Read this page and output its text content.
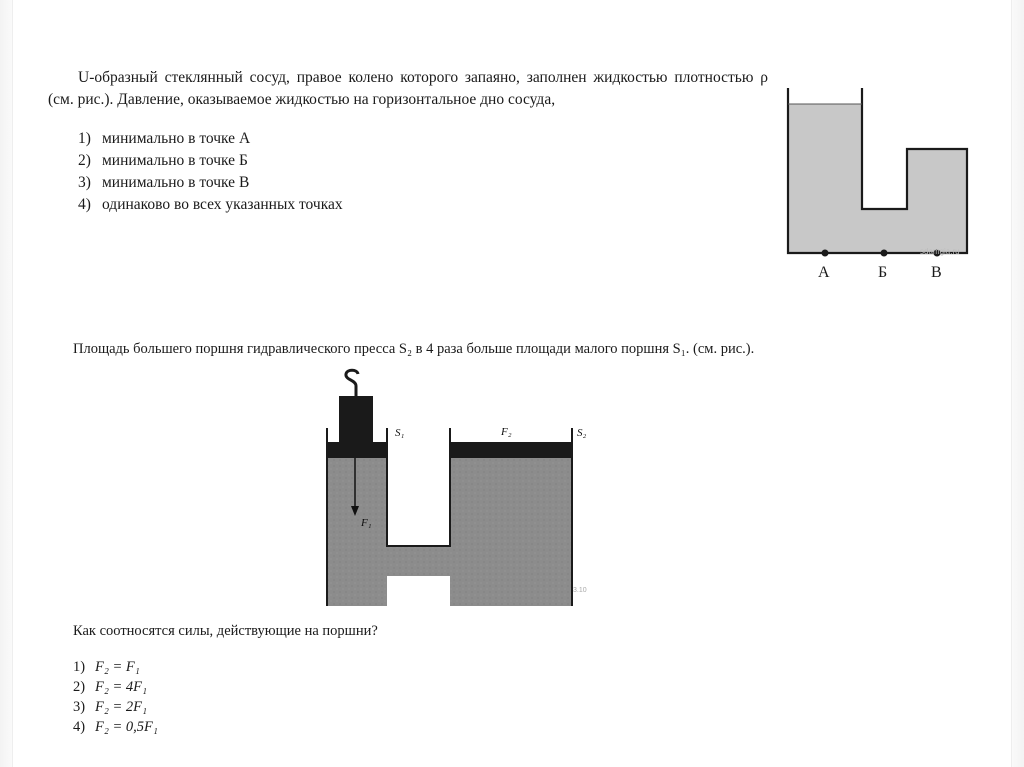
U-образный стеклянный сосуд, правое колено которого запаяно, заполнен жидкостью плотностью ρ (см. рис.). Давление, оказываемое жидкостью на горизонтальное дно сосуда,
1) минимально в точке А
2) минимально в точке Б
3) минимально в точке В
4) одинаково во всех указанных точках
А	Б	В
sdamgia.ru
Площадь большего поршня гидравлического пресса S₂ в 4 раза больше площади малого поршня S₁. (см. рис.).
F₁
F₂
S₁	S₂
3.10
Как соотносятся силы, действующие на поршни?
1) F₂ = F₁
2) F₂ = 4F₁
3) F₂ = 2F₁
4) F₂ = 0,5F₁
